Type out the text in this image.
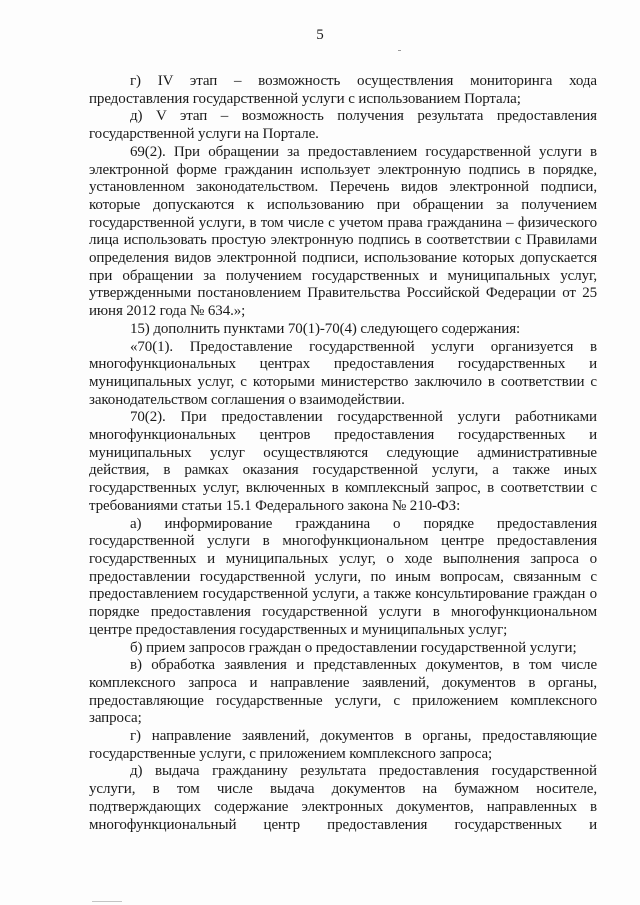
5

г) IV этап – возможность осуществления мониторинга хода предоставления государственной услуги с использованием Портала;

д) V этап – возможность получения результата предоставления государственной услуги на Портале.

69(2). При обращении за предоставлением государственной услуги в электронной форме гражданин использует электронную подпись в порядке, установленном законодательством. Перечень видов электронной подписи, которые допускаются к использованию при обращении за получением государственной услуги, в том числе с учетом права гражданина – физического лица использовать простую электронную подпись в соответствии с Правилами определения видов электронной подписи, использование которых допускается при обращении за получением государственных и муниципальных услуг, утвержденными постановлением Правительства Российской Федерации от 25 июня 2012 года № 634.»;

15) дополнить пунктами 70(1)-70(4) следующего содержания:

«70(1). Предоставление государственной услуги организуется в многофункциональных центрах предоставления государственных и муниципальных услуг, с которыми министерство заключило в соответствии с законодательством соглашения о взаимодействии.

70(2). При предоставлении государственной услуги работниками многофункциональных центров предоставления государственных и муниципальных услуг осуществляются следующие административные действия, в рамках оказания государственной услуги, а также иных государственных услуг, включенных в комплексный запрос, в соответствии с требованиями статьи 15.1 Федерального закона № 210-ФЗ:

а) информирование гражданина о порядке предоставления государственной услуги в многофункциональном центре предоставления государственных и муниципальных услуг, о ходе выполнения запроса о предоставлении государственной услуги, по иным вопросам, связанным с предоставлением государственной услуги, а также консультирование граждан о порядке предоставления государственной услуги в многофункциональном центре предоставления государственных и муниципальных услуг;

б) прием запросов граждан о предоставлении государственной услуги;

в) обработка заявления и представленных документов, в том числе комплексного запроса и направление заявлений, документов в органы, предоставляющие государственные услуги, с приложением комплексного запроса;

г) направление заявлений, документов в органы, предоставляющие государственные услуги, с приложением комплексного запроса;

д) выдача гражданину результата предоставления государственной услуги, в том числе выдача документов на бумажном носителе, подтверждающих содержание электронных документов, направленных в многофункциональный центр предоставления государственных и
